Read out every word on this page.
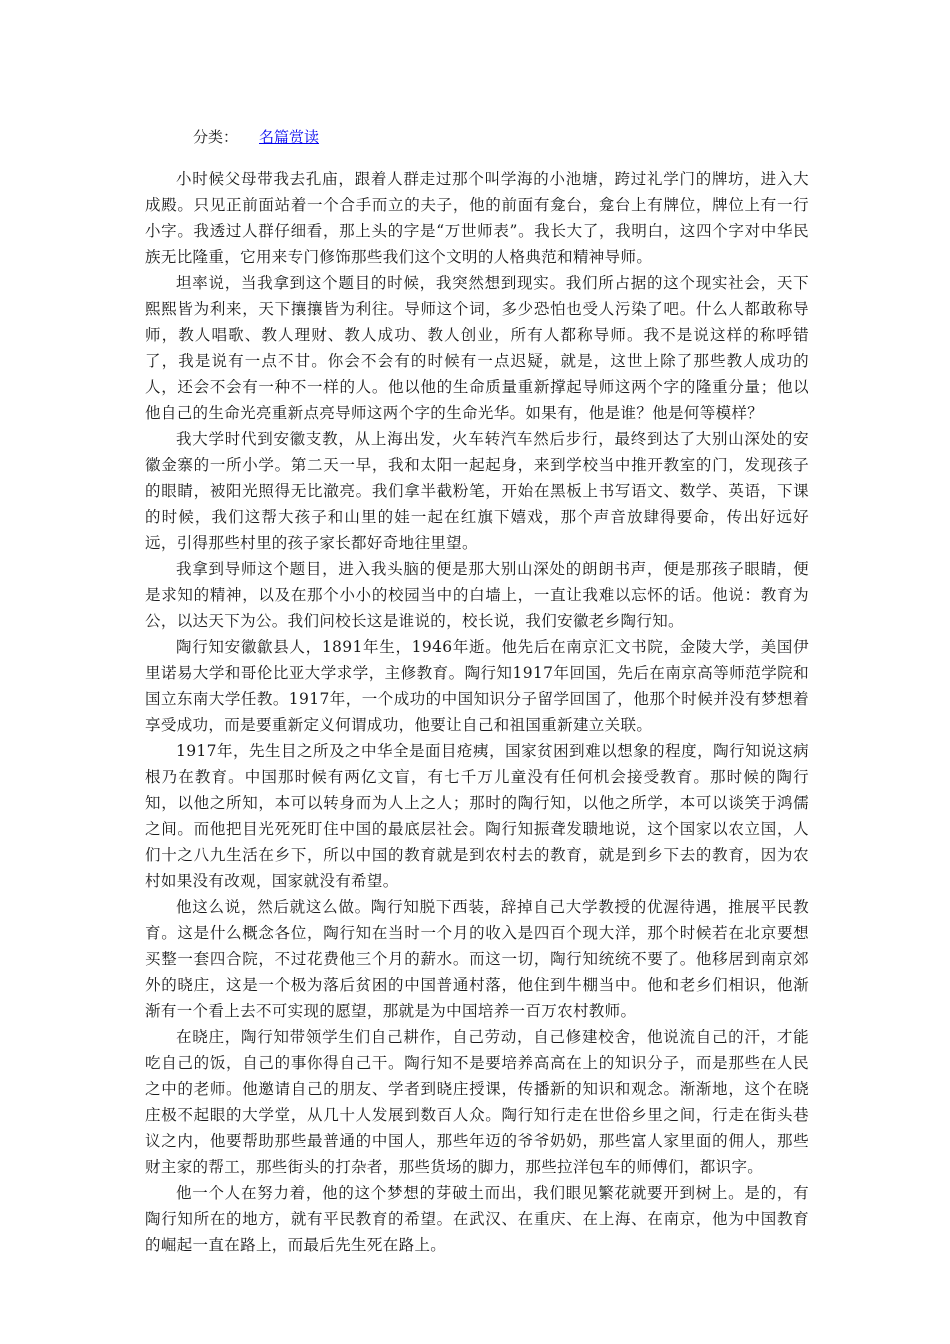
分类： 名篇赏读

小时候父母带我去孔庙，跟着人群走过那个叫学海的小池塘，跨过礼学门的牌坊，进入大成殿。只见正前面站着一个合手而立的夫子，他的前面有龛台，龛台上有牌位，牌位上有一行小字。我透过人群仔细看，那上头的字是“万世师表”。我长大了，我明白，这四个字对中华民族无比隆重，它用来专门修饰那些我们这个文明的人格典范和精神导师。

坦率说，当我拿到这个题目的时候，我突然想到现实。我们所占据的这个现实社会，天下熙熙皆为利来，天下攘攘皆为利往。导师这个词，多少恐怕也受人污染了吧。什么人都敢称导师，教人唱歌、教人理财、教人成功、教人创业，所有人都称导师。我不是说这样的称呼错了，我是说有一点不甘。你会不会有的时候有一点迟疑，就是，这世上除了那些教人成功的人，还会不会有一种不一样的人。他以他的生命质量重新撑起导师这两个字的隆重分量；他以他自己的生命光亮重新点亮导师这两个字的生命光华。如果有，他是谁？他是何等模样？

我大学时代到安徽支教，从上海出发，火车转汽车然后步行，最终到达了大别山深处的安徽金寨的一所小学。第二天一早，我和太阳一起起身，来到学校当中推开教室的门，发现孩子的眼睛，被阳光照得无比澈亮。我们拿半截粉笔，开始在黑板上书写语文、数学、英语，下课的时候，我们这帮大孩子和山里的娃一起在红旗下嬉戏，那个声音放肆得要命，传出好远好远，引得那些村里的孩子家长都好奇地往里望。

我拿到导师这个题目，进入我头脑的便是那大别山深处的朗朗书声，便是那孩子眼睛，便是求知的精神，以及在那个小小的校园当中的白墙上，一直让我难以忘怀的话。他说：教育为公，以达天下为公。我们问校长这是谁说的，校长说，我们安徽老乡陶行知。

陶行知安徽歙县人，1891年生，1946年逝。他先后在南京汇文书院，金陵大学，美国伊里诺易大学和哥伦比亚大学求学，主修教育。陶行知1917年回国，先后在南京高等师范学院和国立东南大学任教。1917年，一个成功的中国知识分子留学回国了，他那个时候并没有梦想着享受成功，而是要重新定义何谓成功，他要让自己和祖国重新建立关联。

1917年，先生目之所及之中华全是面目疮痍，国家贫困到难以想象的程度，陶行知说这病根乃在教育。中国那时候有两亿文盲，有七千万儿童没有任何机会接受教育。那时候的陶行知，以他之所知，本可以转身而为人上之人；那时的陶行知，以他之所学，本可以谈笑于鸿儒之间。而他把目光死死盯住中国的最底层社会。陶行知振聋发聩地说，这个国家以农立国，人们十之八九生活在乡下，所以中国的教育就是到农村去的教育，就是到乡下去的教育，因为农村如果没有改观，国家就没有希望。

他这么说，然后就这么做。陶行知脱下西装，辞掉自己大学教授的优渥待遇，推展平民教育。这是什么概念各位，陶行知在当时一个月的收入是四百个现大洋，那个时候若在北京要想买整一套四合院，不过花费他三个月的薪水。而这一切，陶行知统统不要了。他移居到南京郊外的晓庄，这是一个极为落后贫困的中国普通村落，他住到牛棚当中。他和老乡们相识，他渐渐有一个看上去不可实现的愿望，那就是为中国培养一百万农村教师。

在晓庄，陶行知带领学生们自己耕作，自己劳动，自己修建校舍，他说流自己的汗，才能吃自己的饭，自己的事你得自己干。陶行知不是要培养高高在上的知识分子，而是那些在人民之中的老师。他邀请自己的朋友、学者到晓庄授课，传播新的知识和观念。渐渐地，这个在晓庄极不起眼的大学堂，从几十人发展到数百人众。陶行知行走在世俗乡里之间，行走在街头巷议之内，他要帮助那些最普通的中国人，那些年迈的爷爷奶奶，那些富人家里面的佣人，那些财主家的帮工，那些街头的打杂者，那些货场的脚力，那些拉洋包车的师傅们，都识字。

他一个人在努力着，他的这个梦想的芽破土而出，我们眼见繁花就要开到树上。是的，有陶行知所在的地方，就有平民教育的希望。在武汉、在重庆、在上海、在南京，他为中国教育的崛起一直在路上，而最后先生死在路上。
